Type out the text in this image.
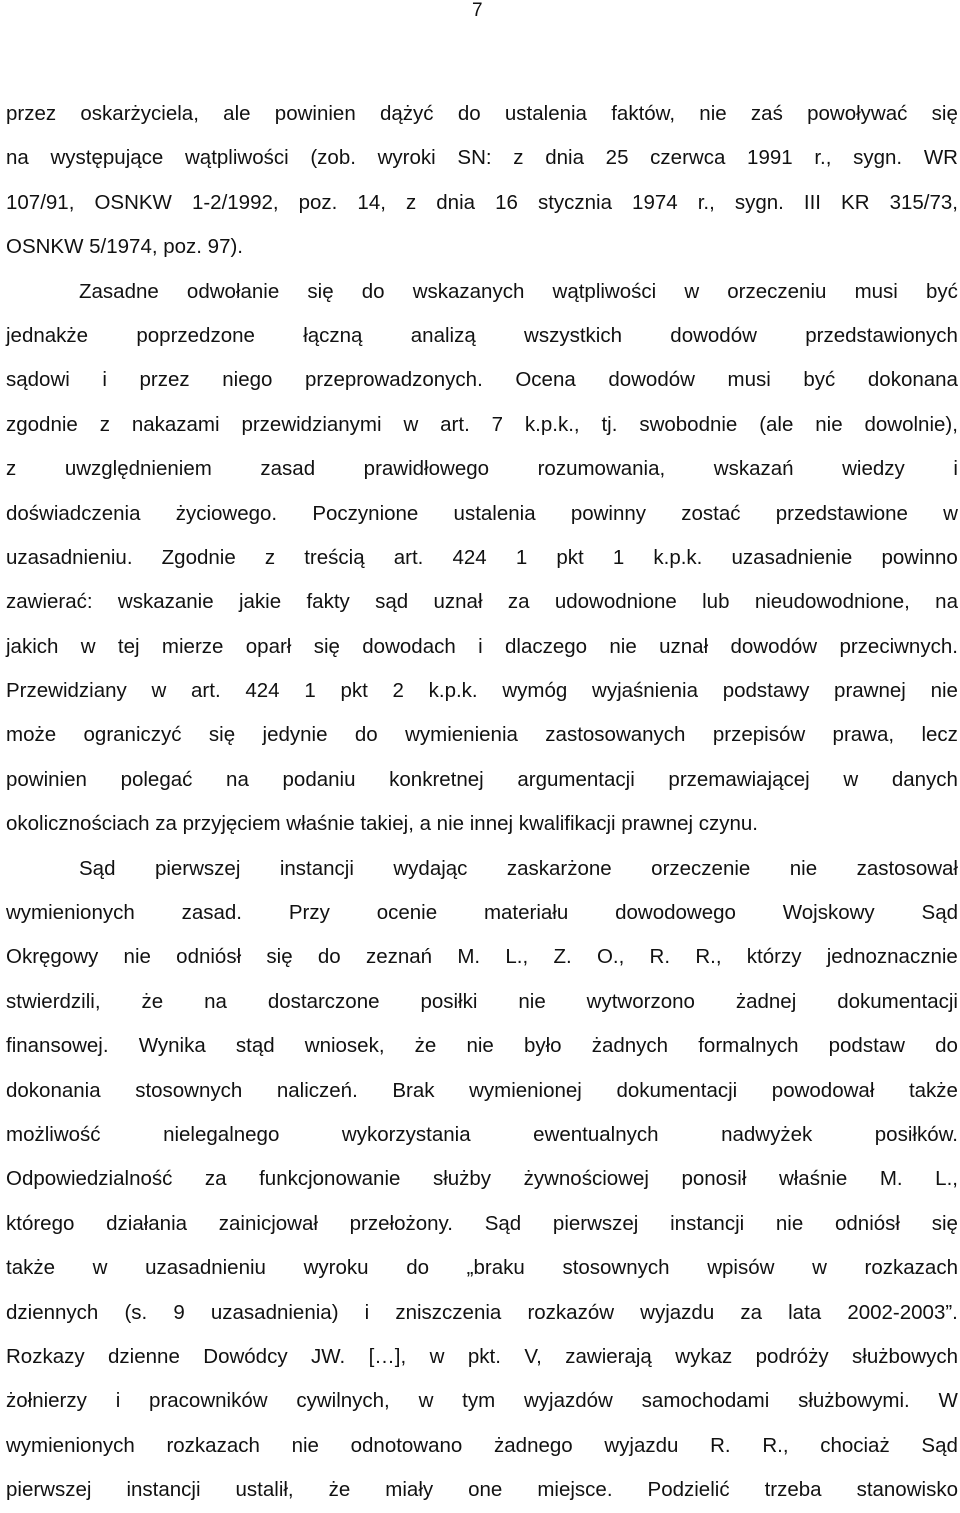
7
przez oskarżyciela, ale powinien dążyć do ustalenia faktów, nie zaś powoływać się
na występujące wątpliwości (zob. wyroki SN: z dnia 25 czerwca 1991 r., sygn. WR
107/91, OSNKW 1-2/1992, poz. 14, z dnia 16 stycznia 1974 r., sygn. III KR 315/73,
OSNKW 5/1974, poz. 97).
Zasadne odwołanie się do wskazanych wątpliwości w orzeczeniu musi być
jednakże poprzedzone łączną analizą wszystkich dowodów przedstawionych
sądowi i przez niego przeprowadzonych. Ocena dowodów musi być dokonana
zgodnie z nakazami przewidzianymi w art. 7 k.p.k., tj. swobodnie (ale nie dowolnie),
z uwzględnieniem zasad prawidłowego rozumowania, wskazań wiedzy i
doświadczenia życiowego. Poczynione ustalenia powinny zostać przedstawione w
uzasadnieniu. Zgodnie z treścią art. 424 1 pkt 1 k.p.k. uzasadnienie powinno
zawierać: wskazanie jakie fakty sąd uznał za udowodnione lub nieudowodnione, na
jakich w tej mierze oparł się dowodach i dlaczego nie uznał dowodów przeciwnych.
Przewidziany w art. 424 1 pkt 2 k.p.k. wymóg wyjaśnienia podstawy prawnej nie
może ograniczyć się jedynie do wymienienia zastosowanych przepisów prawa, lecz
powinien polegać na podaniu konkretnej argumentacji przemawiającej w danych
okolicznościach za przyjęciem właśnie takiej, a nie innej kwalifikacji prawnej czynu.
Sąd pierwszej instancji wydając zaskarżone orzeczenie nie zastosował
wymienionych zasad. Przy ocenie materiału dowodowego Wojskowy Sąd
Okręgowy nie odniósł się do zeznań M. L., Z. O., R. R., którzy jednoznacznie
stwierdzili, że na dostarczone posiłki nie wytworzono żadnej dokumentacji
finansowej. Wynika stąd wniosek, że nie było żadnych formalnych podstaw do
dokonania stosownych naliczeń. Brak wymienionej dokumentacji powodował także
możliwość	nielegalnego	wykorzystania	ewentualnych	nadwyżek	posiłków.
Odpowiedzialność za funkcjonowanie służby żywnościowej ponosił właśnie M. L.,
którego działania zainicjował przełożony. Sąd pierwszej instancji nie odniósł się
także w uzasadnieniu wyroku do „braku stosownych wpisów w rozkazach
dziennych (s. 9 uzasadnienia) i zniszczenia rozkazów wyjazdu za lata 2002-2003”.
Rozkazy dzienne Dowódcy JW. […], w pkt. V, zawierają wykaz podróży służbowych
żołnierzy i pracowników cywilnych, w tym wyjazdów samochodami służbowymi. W
wymienionych rozkazach nie odnotowano żadnego wyjazdu R. R., chociaż Sąd
pierwszej instancji ustalił, że miały one miejsce. Podzielić trzeba stanowisko
